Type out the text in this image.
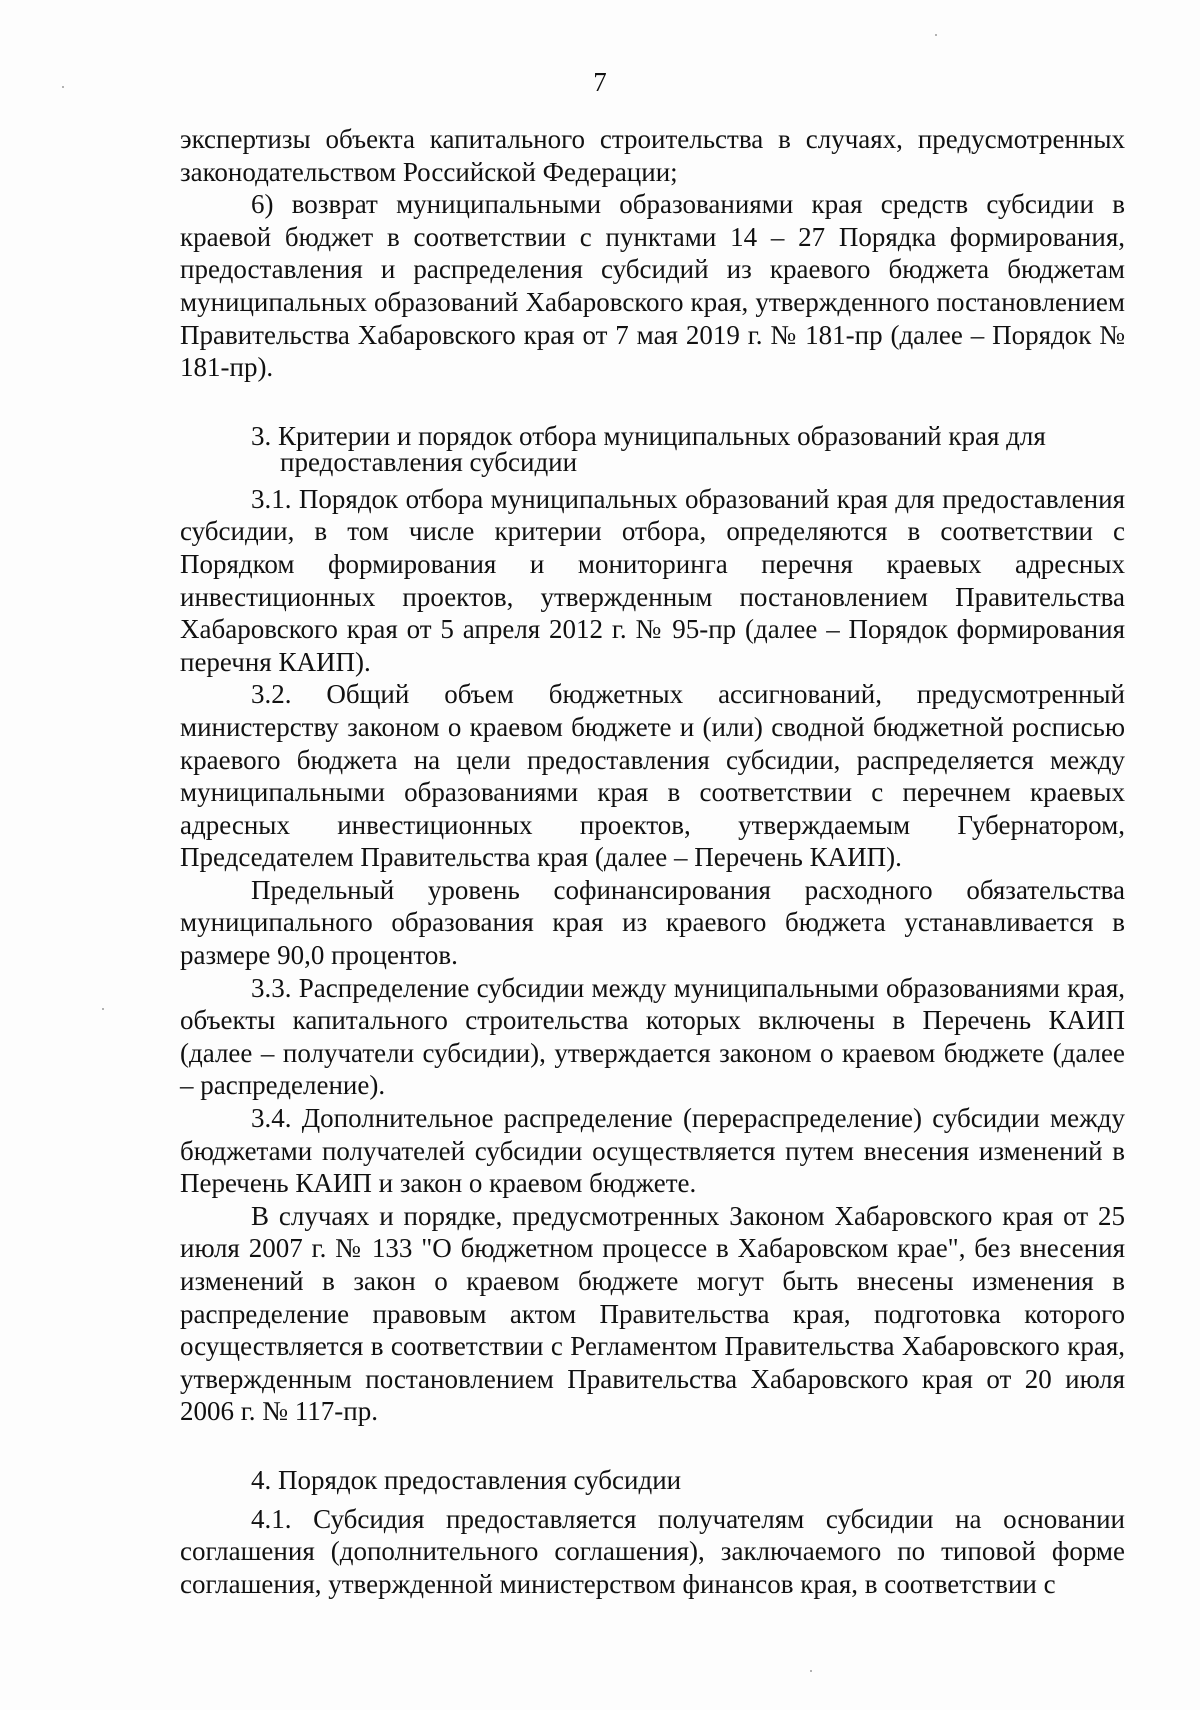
7

экспертизы объекта капитального строительства в случаях, предусмотренных законодательством Российской Федерации;

6) возврат муниципальными образованиями края средств субсидии в краевой бюджет в соответствии с пунктами 14 – 27 Порядка формирования, предоставления и распределения субсидий из краевого бюджета бюджетам муниципальных образований Хабаровского края, утвержденного постановлением Правительства Хабаровского края от 7 мая 2019 г. № 181-пр (далее – Порядок № 181-пр).

3. Критерии и порядок отбора муниципальных образований края для
предоставления субсидии

3.1. Порядок отбора муниципальных образований края для предоставления субсидии, в том числе критерии отбора, определяются в соответствии с Порядком формирования и мониторинга перечня краевых адресных инвестиционных проектов, утвержденным постановлением Правительства Хабаровского края от 5 апреля 2012 г. № 95-пр (далее – Порядок формирования перечня КАИП).

3.2. Общий объем бюджетных ассигнований, предусмотренный министерству законом о краевом бюджете и (или) сводной бюджетной росписью краевого бюджета на цели предоставления субсидии, распределяется между муниципальными образованиями края в соответствии с перечнем краевых адресных инвестиционных проектов, утверждаемым Губернатором, Председателем Правительства края (далее – Перечень КАИП).

Предельный уровень софинансирования расходного обязательства муниципального образования края из краевого бюджета устанавливается в размере 90,0 процентов.

3.3. Распределение субсидии между муниципальными образованиями края, объекты капитального строительства которых включены в Перечень КАИП (далее – получатели субсидии), утверждается законом о краевом бюджете (далее – распределение).

3.4. Дополнительное распределение (перераспределение) субсидии между бюджетами получателей субсидии осуществляется путем внесения изменений в Перечень КАИП и закон о краевом бюджете.

В случаях и порядке, предусмотренных Законом Хабаровского края от 25 июля 2007 г. № 133 "О бюджетном процессе в Хабаровском крае", без внесения изменений в закон о краевом бюджете могут быть внесены изменения в распределение правовым актом Правительства края, подготовка которого осуществляется в соответствии с Регламентом Правительства Хабаровского края, утвержденным постановлением Правительства Хабаровского края от 20 июля 2006 г. № 117-пр.

4. Порядок предоставления субсидии

4.1. Субсидия предоставляется получателям субсидии на основании соглашения (дополнительного соглашения), заключаемого по типовой форме соглашения, утвержденной министерством финансов края, в соответствии с
